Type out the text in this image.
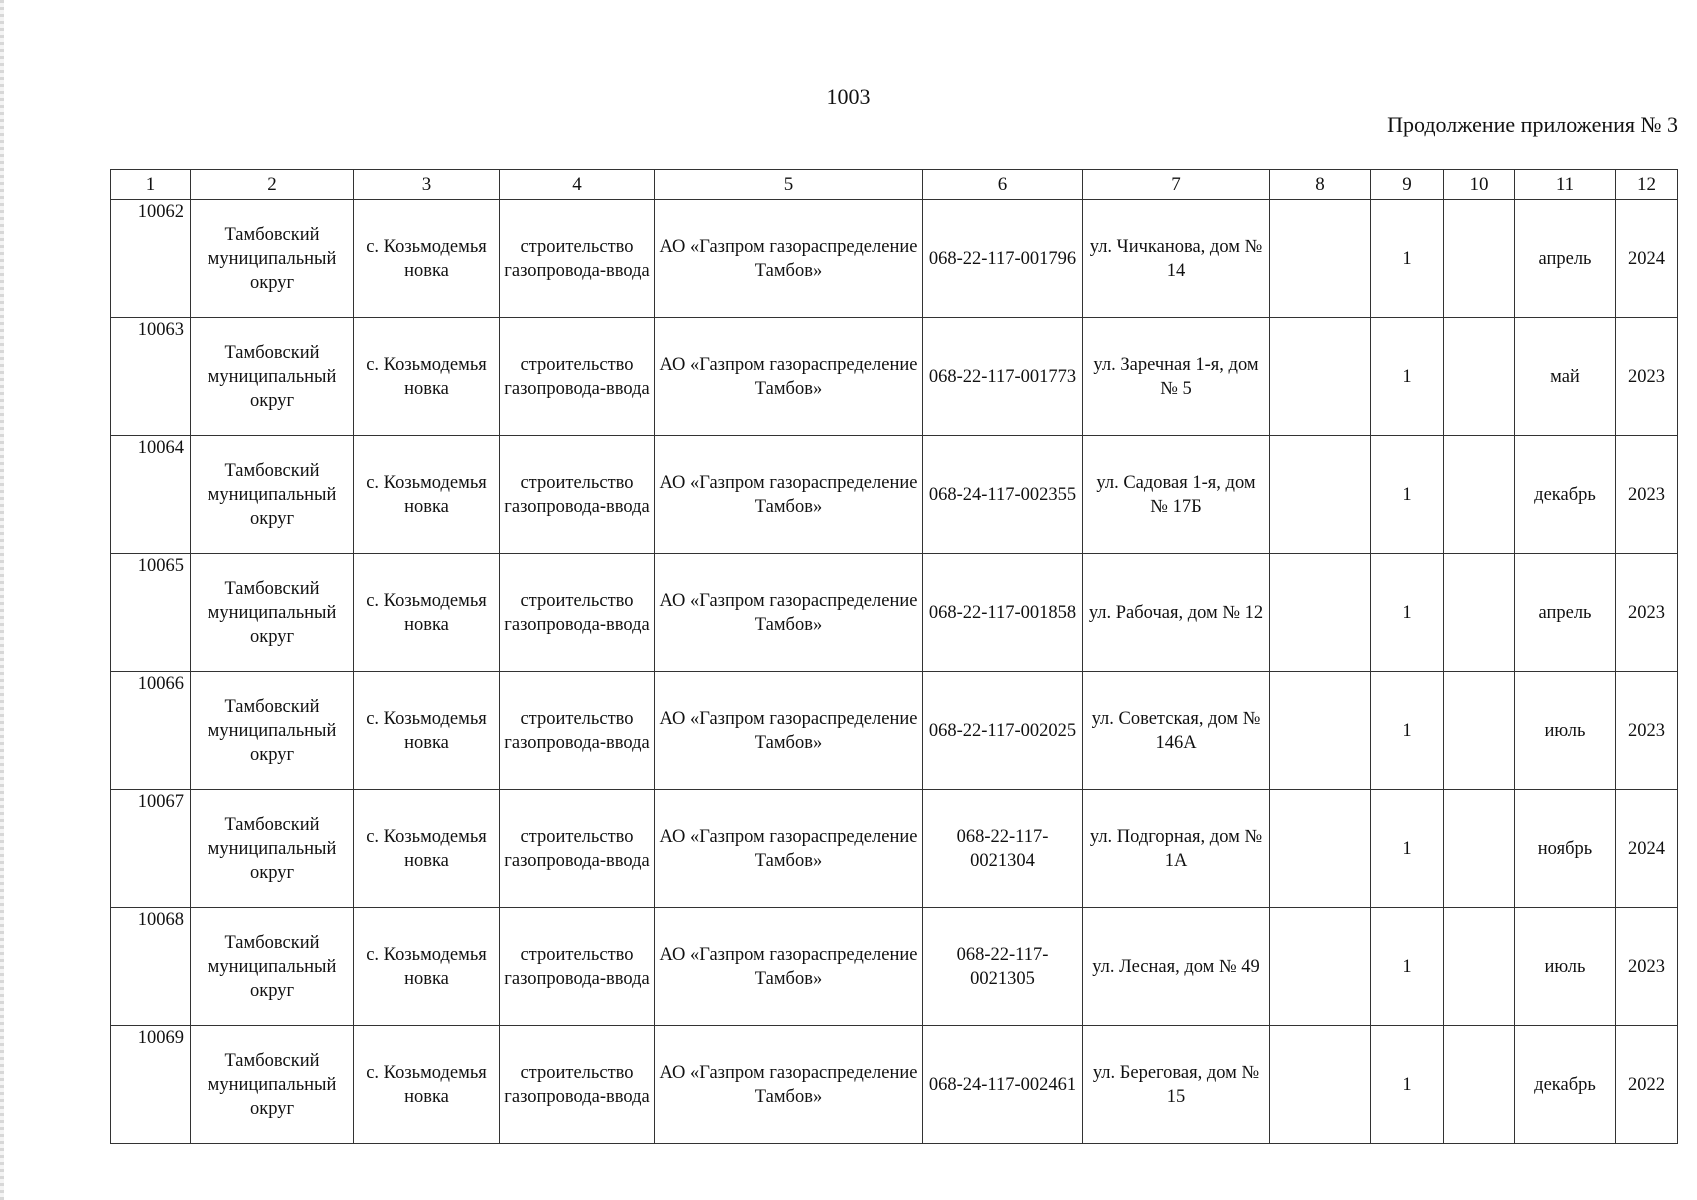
1003
Продолжение приложения № 3
1	2	3	4	5	6	7	8	9	10	11	12
10062	Тамбовский муниципальный округ	с. Козьмодемья новка	строительство газопровода-ввода	АО «Газпром газораспределение Тамбов»	068-22-117-001796	ул. Чичканова, дом № 14		1		апрель	2024
10063	Тамбовский муниципальный округ	с. Козьмодемья новка	строительство газопровода-ввода	АО «Газпром газораспределение Тамбов»	068-22-117-001773	ул. Заречная 1-я, дом № 5		1		май	2023
10064	Тамбовский муниципальный округ	с. Козьмодемья новка	строительство газопровода-ввода	АО «Газпром газораспределение Тамбов»	068-24-117-002355	ул. Садовая 1-я, дом № 17Б		1		декабрь	2023
10065	Тамбовский муниципальный округ	с. Козьмодемья новка	строительство газопровода-ввода	АО «Газпром газораспределение Тамбов»	068-22-117-001858	ул. Рабочая, дом № 12		1		апрель	2023
10066	Тамбовский муниципальный округ	с. Козьмодемья новка	строительство газопровода-ввода	АО «Газпром газораспределение Тамбов»	068-22-117-002025	ул. Советская, дом № 146А		1		июль	2023
10067	Тамбовский муниципальный округ	с. Козьмодемья новка	строительство газопровода-ввода	АО «Газпром газораспределение Тамбов»	068-22-117-0021304	ул. Подгорная, дом № 1А		1		ноябрь	2024
10068	Тамбовский муниципальный округ	с. Козьмодемья новка	строительство газопровода-ввода	АО «Газпром газораспределение Тамбов»	068-22-117-0021305	ул. Лесная, дом № 49		1		июль	2023
10069	Тамбовский муниципальный округ	с. Козьмодемья новка	строительство газопровода-ввода	АО «Газпром газораспределение Тамбов»	068-24-117-002461	ул. Береговая, дом № 15		1		декабрь	2022
